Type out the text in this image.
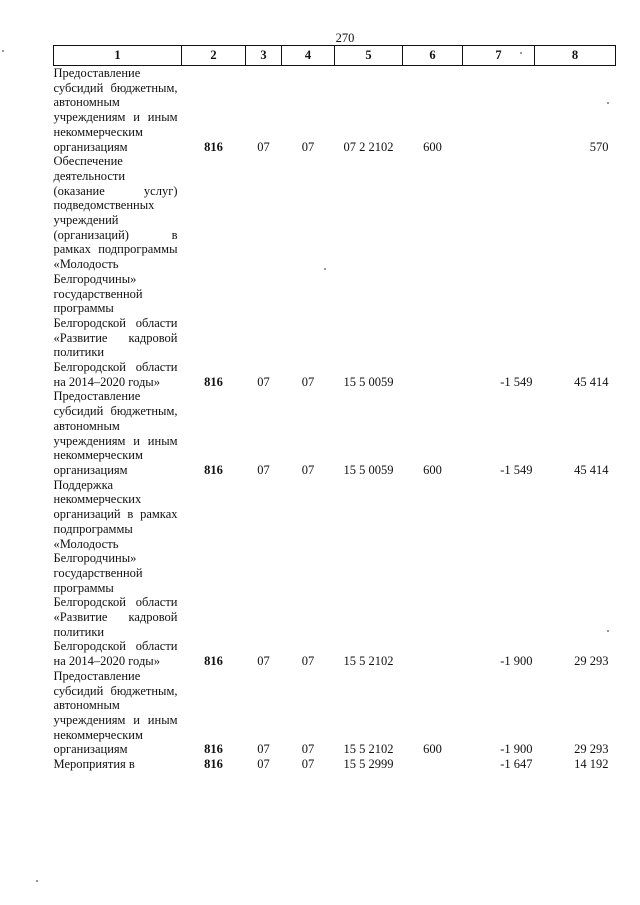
270
1	2	3	4	5	6	7	8
Предоставление субсидий бюджетным, автономным учреждениям и иным некоммерческим организациям	816	07	07	07 2 2102	600		570
Обеспечение деятельности (оказание услуг) подведомственных учреждений (организаций) в рамках подпрограммы «Молодость Белгородчины» государственной программы Белгородской области «Развитие кадровой политики Белгородской области на 2014–2020 годы»	816	07	07	15 5 0059		-1 549	45 414
Предоставление субсидий бюджетным, автономным учреждениям и иным некоммерческим организациям	816	07	07	15 5 0059	600	-1 549	45 414
Поддержка некоммерческих организаций в рамках подпрограммы «Молодость Белгородчины» государственной программы Белгородской области «Развитие кадровой политики Белгородской области на 2014–2020 годы»	816	07	07	15 5 2102		-1 900	29 293
Предоставление субсидий бюджетным, автономным учреждениям и иным некоммерческим организациям	816	07	07	15 5 2102	600	-1 900	29 293
Мероприятия в	816	07	07	15 5 2999		-1 647	14 192
